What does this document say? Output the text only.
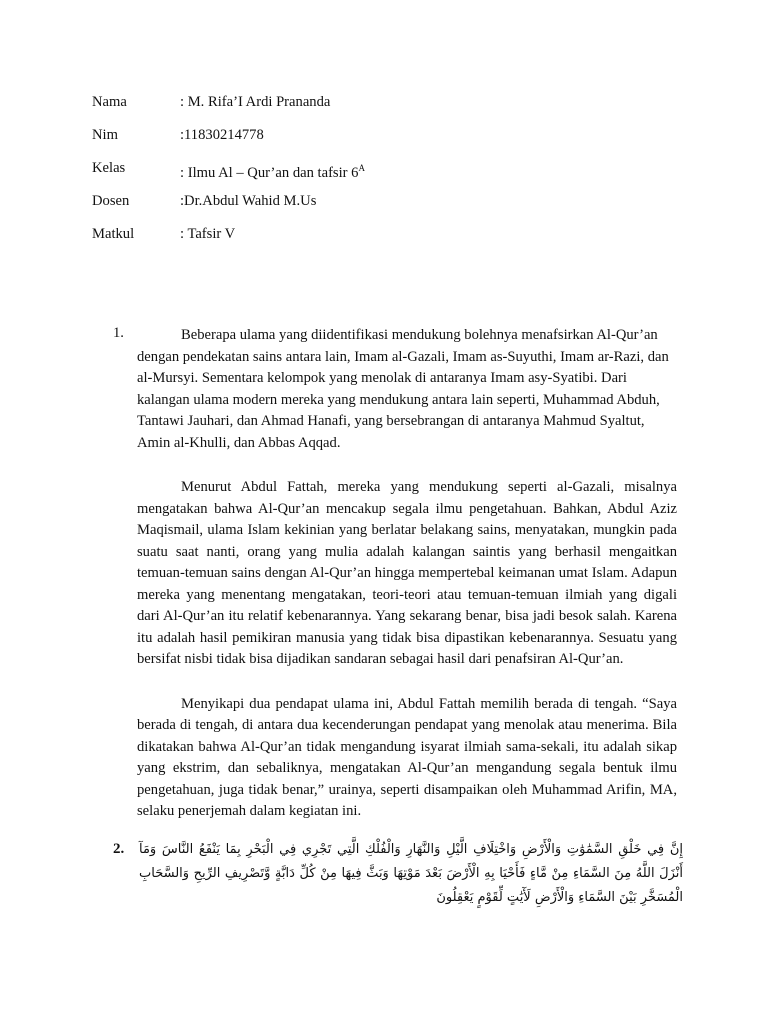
Nama	: M. Rifa’I Ardi Prananda
Nim	:11830214778
Kelas	: Ilmu Al – Qur’an dan tafsir $6^A$
Dosen	:Dr.Abdul Wahid M.Us
Matkul	: Tafsir V
1.	Beberapa ulama yang diidentifikasi mendukung bolehnya menafsirkan Al-Qur’an dengan pendekatan sains antara lain, Imam al-Gazali, Imam as-Suyuthi, Imam ar-Razi, dan al-Mursyi. Sementara kelompok yang menolak di antaranya Imam asy-Syatibi. Dari kalangan ulama modern mereka yang mendukung antara lain seperti, Muhammad Abduh, Tantawi Jauhari, dan Ahmad Hanafi, yang bersebrangan di antaranya Mahmud Syaltut, Amin al-Khulli, dan Abbas Aqqad.

Menurut Abdul Fattah, mereka yang mendukung seperti al-Gazali, misalnya mengatakan bahwa Al-Qur’an mencakup segala ilmu pengetahuan. Bahkan, Abdul Aziz Maqismail, ulama Islam kekinian yang berlatar belakang sains, menyatakan, mungkin pada suatu saat nanti, orang yang mulia adalah kalangan saintis yang berhasil mengaitkan temuan-temuan sains dengan Al-Qur’an hingga mempertebal keimanan umat Islam. Adapun mereka yang menentang mengatakan, teori-teori atau temuan-temuan ilmiah yang digali dari Al-Qur’an itu relatif kebenarannya. Yang sekarang benar, bisa jadi besok salah. Karena itu adalah hasil pemikiran manusia yang tidak bisa dipastikan kebenarannya. Sesuatu yang bersifat nisbi tidak bisa dijadikan sandaran sebagai hasil dari penafsiran Al-Qur’an.

Menyikapi dua pendapat ulama ini, Abdul Fattah memilih berada di tengah. “Saya berada di tengah, di antara dua kecenderungan pendapat yang menolak atau menerima. Bila dikatakan bahwa Al-Qur’an tidak mengandung isyarat ilmiah sama-sekali, itu adalah sikap yang ekstrim, dan sebaliknya, mengatakan Al-Qur’an mengandung segala bentuk ilmu pengetahuan, juga tidak benar,” urainya, seperti disampaikan oleh Muhammad Arifin, MA, selaku penerjemah dalam kegiatan ini.

2. إِنَّ فِي خَلْقِ السَّمَٰوَٰتِ وَالْأَرْضِ وَاخْتِلَافِ الَّيْلِ وَالنَّهَارِ وَالْفُلْكِ الَّتِي تَجْرِي فِي الْبَحْرِ بِمَا يَنْفَعُ النَّاسَ وَمَآ أَنْزَلَ اللَّهُ مِنَ السَّمَاءِ مِنْ مَّاءٍ فَأَحْيَا بِهِ الْأَرْضَ بَعْدَ مَوْتِهَا وَبَثَّ فِيهَا مِنْ كُلِّ دَابَّةٍ وَّتَصْرِيفِ الرِّيحِ وَالسَّحَابِ الْمُسَخَّرِ بَيْنَ السَّمَاءِ وَالْأَرْضِ لَأٓيَٰتٍ لِّقَوْمٍ يَعْقِلُونَ
